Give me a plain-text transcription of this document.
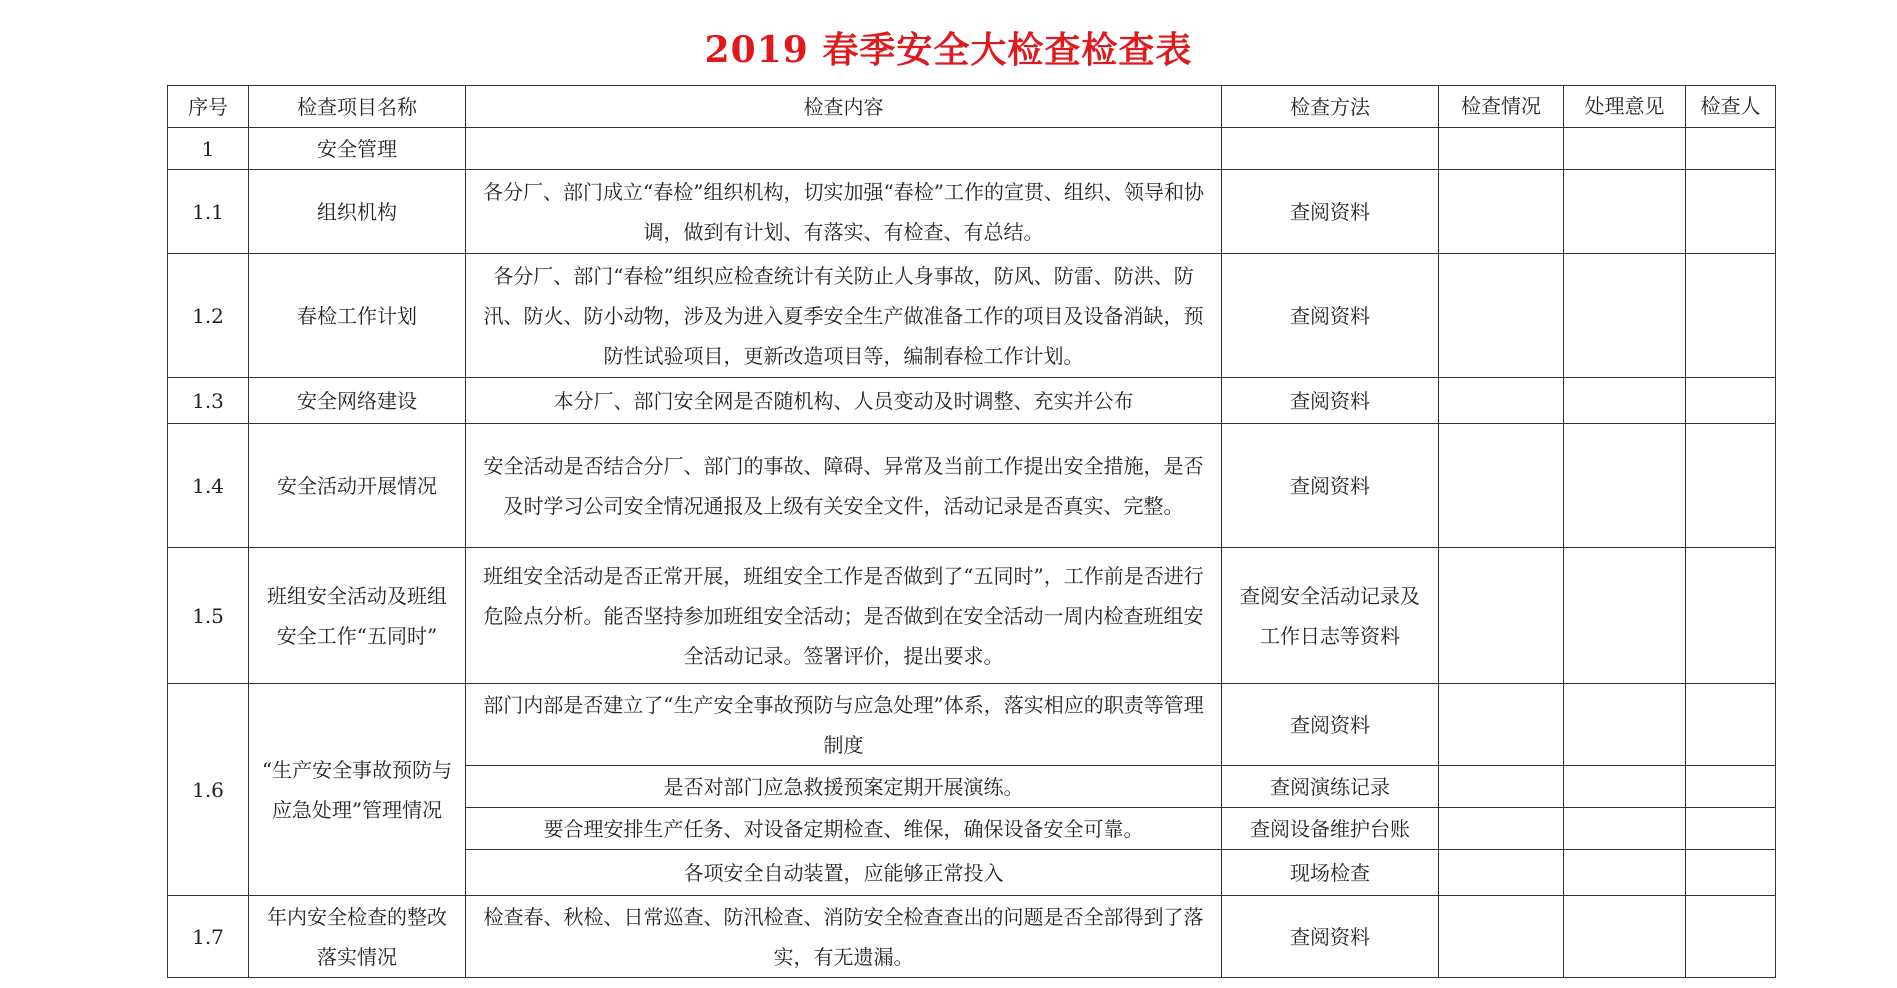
2019 春季安全大检查检查表
序号	检查项目名称	检查内容	检查方法	检查情况	处理意见	检查人
1	安全管理					
1.1	组织机构	各分厂、部门成立“春检”组织机构，切实加强“春检”工作的宣贯、组织、领导和协调，做到有计划、有落实、有检查、有总结。	查阅资料			
1.2	春检工作计划	各分厂、部门“春检”组织应检查统计有关防止人身事故，防风、防雷、防洪、防汛、防火、防小动物，涉及为进入夏季安全生产做准备工作的项目及设备消缺，预防性试验项目，更新改造项目等，编制春检工作计划。	查阅资料			
1.3	安全网络建设	本分厂、部门安全网是否随机构、人员变动及时调整、充实并公布	查阅资料			
1.4	安全活动开展情况	安全活动是否结合分厂、部门的事故、障碍、异常及当前工作提出安全措施，是否及时学习公司安全情况通报及上级有关安全文件，活动记录是否真实、完整。	查阅资料			
1.5	班组安全活动及班组安全工作“五同时”	班组安全活动是否正常开展，班组安全工作是否做到了“五同时”，工作前是否进行危险点分析。能否坚持参加班组安全活动；是否做到在安全活动一周内检查班组安全活动记录。签署评价，提出要求。	查阅安全活动记录及工作日志等资料			
1.6	“生产安全事故预防与应急处理”管理情况	部门内部是否建立了“生产安全事故预防与应急处理”体系，落实相应的职责等管理制度	查阅资料			
		是否对部门应急救援预案定期开展演练。	查阅演练记录			
		要合理安排生产任务、对设备定期检查、维保，确保设备安全可靠。	查阅设备维护台账			
		各项安全自动装置，应能够正常投入	现场检查			
1.7	年内安全检查的整改落实情况	检查春、秋检、日常巡查、防汛检查、消防安全检查查出的问题是否全部得到了落实，有无遗漏。	查阅资料			
